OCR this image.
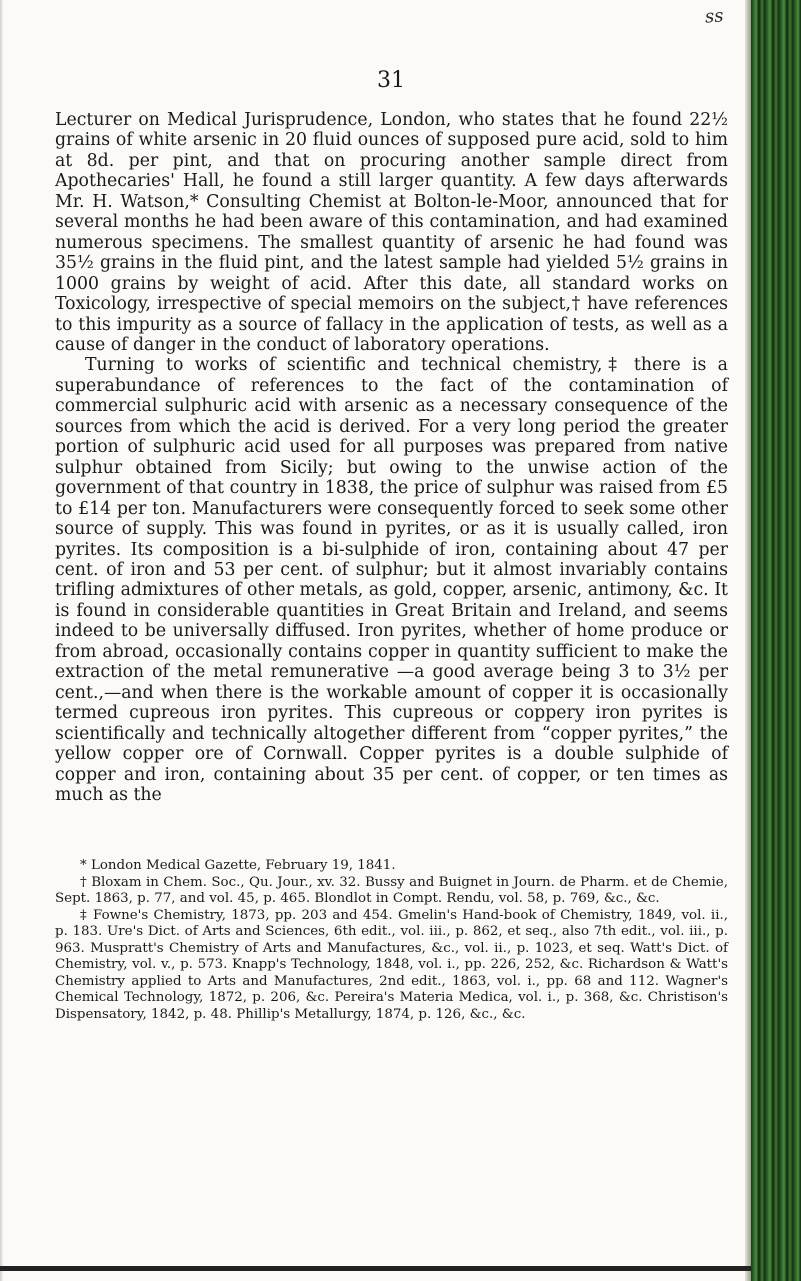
ss
31

Lecturer on Medical Jurisprudence, London, who states that he found 22½ grains of white arsenic in 20 fluid ounces of supposed pure acid, sold to him at 8d. per pint, and that on procuring another sample direct from Apothecaries' Hall, he found a still larger quantity. A few days afterwards Mr. H. Watson,* Consulting Chemist at Bolton-le-Moor, announced that for several months he had been aware of this contamination, and had examined numerous specimens. The smallest quantity of arsenic he had found was 35½ grains in the fluid pint, and the latest sample had yielded 5½ grains in 1000 grains by weight of acid. After this date, all standard works on Toxicology, irrespective of special memoirs on the subject,† have references to this impurity as a source of fallacy in the application of tests, as well as a cause of danger in the conduct of laboratory operations.

Turning to works of scientific and technical chemistry,‡ there is a superabundance of references to the fact of the contamination of commercial sulphuric acid with arsenic as a necessary consequence of the sources from which the acid is derived. For a very long period the greater portion of sulphuric acid used for all purposes was prepared from native sulphur obtained from Sicily; but owing to the unwise action of the government of that country in 1838, the price of sulphur was raised from £5 to £14 per ton. Manufacturers were consequently forced to seek some other source of supply. This was found in pyrites, or as it is usually called, iron pyrites. Its composition is a bi-sulphide of iron, containing about 47 per cent. of iron and 53 per cent. of sulphur; but it almost invariably contains trifling admixtures of other metals, as gold, copper, arsenic, antimony, &c. It is found in considerable quantities in Great Britain and Ireland, and seems indeed to be universally diffused. Iron pyrites, whether of home produce or from abroad, occasionally contains copper in quantity sufficient to make the extraction of the metal remunerative —a good average being 3 to 3½ per cent.,—and when there is the workable amount of copper it is occasionally termed cupreous iron pyrites. This cupreous or coppery iron pyrites is scientifically and technically altogether different from “copper pyrites,” the yellow copper ore of Cornwall. Copper pyrites is a double sulphide of copper and iron, containing about 35 per cent. of copper, or ten times as much as the

* London Medical Gazette, February 19, 1841.

† Bloxam in Chem. Soc., Qu. Jour., xv. 32. Bussy and Buignet in Journ. de Pharm. et de Chemie, Sept. 1863, p. 77, and vol. 45, p. 465. Blondlot in Compt. Rendu, vol. 58, p. 769, &c., &c.

‡ Fowne's Chemistry, 1873, pp. 203 and 454. Gmelin's Hand-book of Chemistry, 1849, vol. ii., p. 183. Ure's Dict. of Arts and Sciences, 6th edit., vol. iii., p. 862, et seq., also 7th edit., vol. iii., p. 963. Muspratt's Chemistry of Arts and Manufactures, &c., vol. ii., p. 1023, et seq. Watt's Dict. of Chemistry, vol. v., p. 573. Knapp's Technology, 1848, vol. i., pp. 226, 252, &c. Richardson & Watt's Chemistry applied to Arts and Manufactures, 2nd edit., 1863, vol. i., pp. 68 and 112. Wagner's Chemical Technology, 1872, p. 206, &c. Pereira's Materia Medica, vol. i., p. 368, &c. Christison's Dispensatory, 1842, p. 48. Phillip's Metallurgy, 1874, p. 126, &c., &c.
